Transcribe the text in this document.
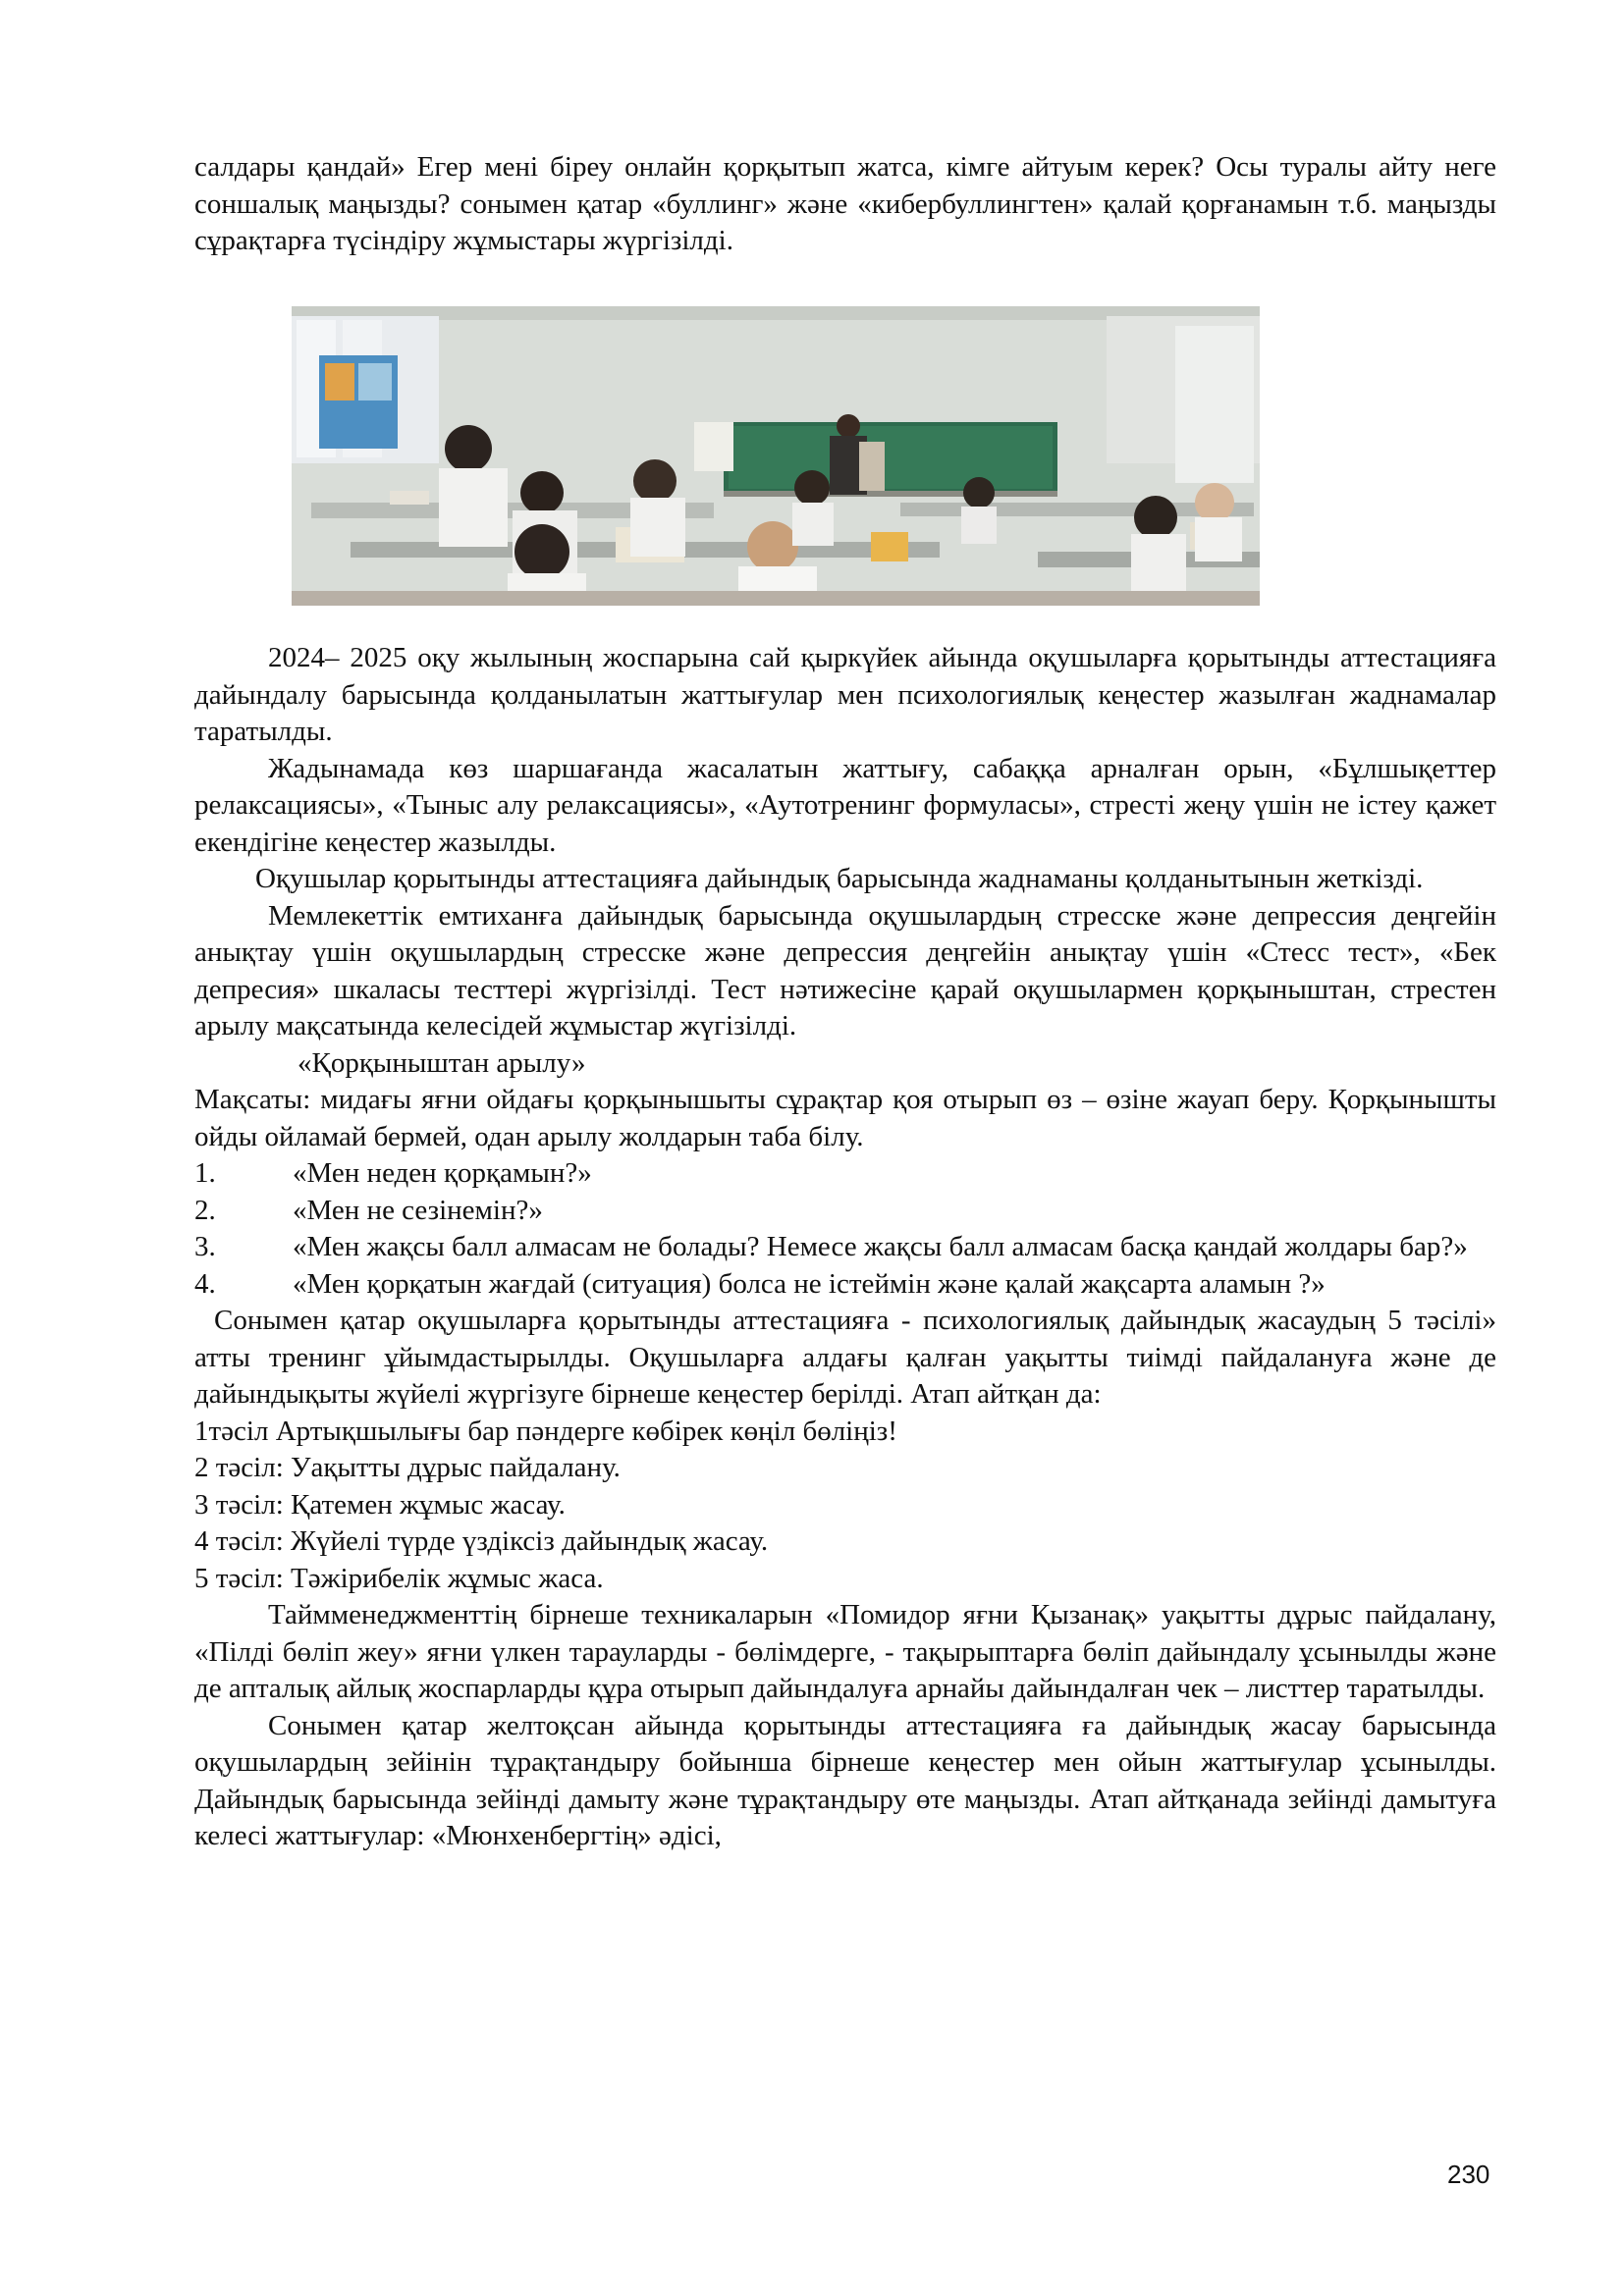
салдары қандай» Егер мені біреу онлайн қорқытып жатса, кімге айтуым керек? Осы туралы айту неге соншалық маңызды? сонымен қатар «буллинг» және «кибербуллингтен» қалай қорғанамын т.б. маңызды сұрақтарға түсіндіру жұмыстары жүргізілді.

2024– 2025 оқу жылының жоспарына сай қыркүйек айында оқушыларға қорытынды аттестацияға дайындалу барысында қолданылатын жаттығулар мен психологиялық кеңестер жазылған жаднамалар таратылды.

Жадынамада көз шаршағанда жасалатын жаттығу, сабаққа арналған орын, «Бұлшықеттер релаксациясы», «Тыныс алу релаксациясы», «Аутотренинг формуласы», стресті жеңу үшін не істеу қажет екендігіне кеңестер жазылды.

Оқушылар қорытынды аттестацияға дайындық барысында жаднаманы қолданытынын жеткізді.

Мемлекеттік емтиханға дайындық барысында оқушылардың стресске және депрессия деңгейін анықтау үшін оқушылардың стресске және депрессия деңгейін анықтау үшін «Стесс тест», «Бек депресия» шкаласы тесттері жүргізілді. Тест нәтижесіне қарай оқушылармен қорқыныштан, стрестен арылу мақсатында келесідей жұмыстар жүгізілді.

«Қорқыныштан арылу»

Мақсаты: мидағы яғни ойдағы қорқынышыты сұрақтар қоя отырып өз – өзіне жауап беру. Қорқынышты ойды ойламай бермей, одан арылу жолдарын таба білу.

1.	«Мен неден қорқамын?»

2.	«Мен не сезінемін?»

3.	«Мен жақсы балл алмасам не болады? Немесе жақсы балл алмасам басқа қандай жолдары бар?»

4.	«Мен қорқатын жағдай (ситуация) болса не істеймін және қалай жақсарта аламын ?»

Сонымен қатар оқушыларға қорытынды аттестацияға - психологиялық дайындық жасаудың 5 тәсілі» атты тренинг ұйымдастырылды. Оқушыларға алдағы қалған уақытты тиімді пайдалануға және де дайындықыты жүйелі жүргізуге бірнеше кеңестер берілді. Атап айтқан да:

1тәсіл Артықшылығы бар пәндерге көбірек көңіл бөліңіз!

2 тәсіл: Уақытты дұрыс пайдалану.

3 тәсіл: Қатемен жұмыс жасау.

4 тәсіл: Жүйелі түрде үздіксіз дайындық жасау.

5 тәсіл: Тәжірибелік жұмыс жаса.

Таймменеджменттің бірнеше техникаларын «Помидор яғни Қызанақ» уақытты дұрыс пайдалану, «Пілді бөліп жеу» яғни үлкен тарауларды - бөлімдерге, - тақырыптарға бөліп дайындалу ұсынылды және де апталық айлық жоспарларды құра отырып дайындалуға арнайы дайындалған чек – листтер таратылды.

Сонымен қатар желтоқсан айында қорытынды аттестацияға ға дайындық жасау барысында оқушылардың зейінін тұрақтандыру бойынша бірнеше кеңестер мен ойын жаттығулар ұсынылды. Дайындық барысында зейінді дамыту және тұрақтандыру өте маңызды. Атап айтқанада зейінді дамытуға келесі жаттығулар: «Мюнхенбергтің» әдісі,

230
